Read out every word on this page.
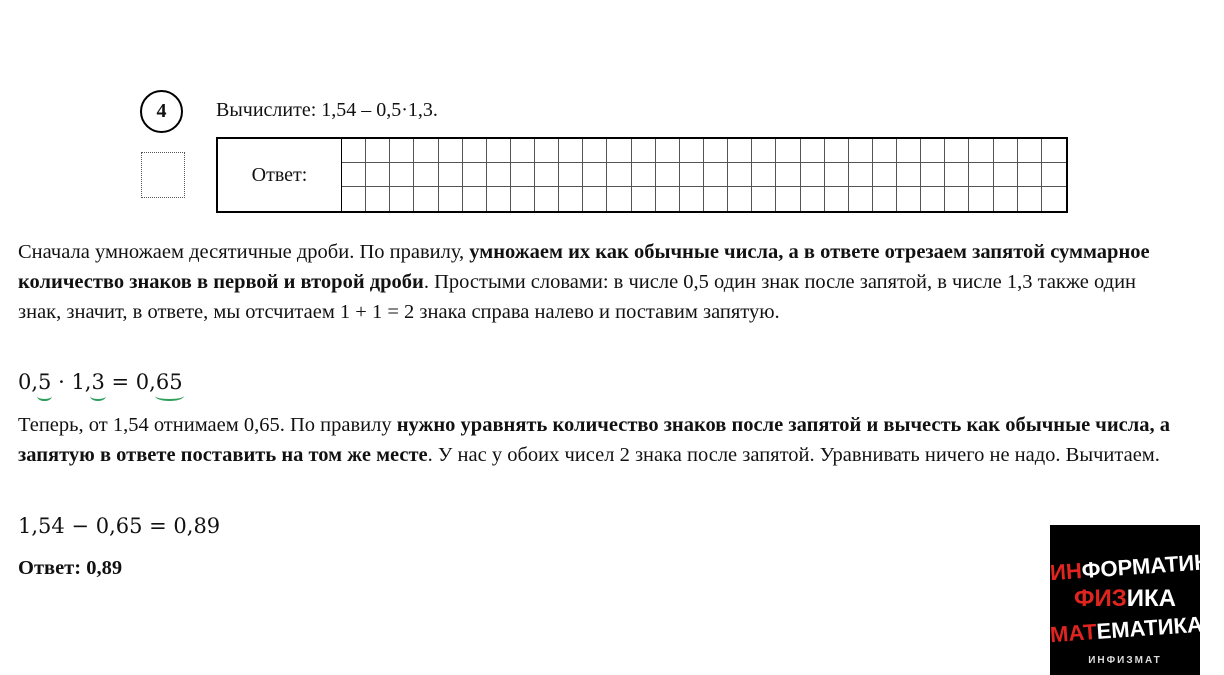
4	Вычислите: 1,54 – 0,5·1,3.
Ответ:

Сначала умножаем десятичные дроби. По правилу, умножаем их как обычные числа, а в ответе отрезаем запятой суммарное количество знаков в первой и второй дроби. Простыми словами: в числе 0,5 один знак после запятой, в числе 1,3 также один знак, значит, в ответе, мы отсчитаем 1 + 1 = 2 знака справа налево и поставим запятую.

0,5 · 1,3 = 0,65

Теперь, от 1,54 отнимаем 0,65. По правилу нужно уравнять количество знаков после запятой и вычесть как обычные числа, а запятую в ответе поставить на том же месте. У нас у обоих чисел 2 знака после запятой. Уравнивать ничего не надо. Вычитаем.

1,54 − 0,65 = 0,89
Ответ: 0,89	ИНФОРМАТИКА
ФИЗИКА
МАТЕМАТИКА
ИНФИЗМАТ
